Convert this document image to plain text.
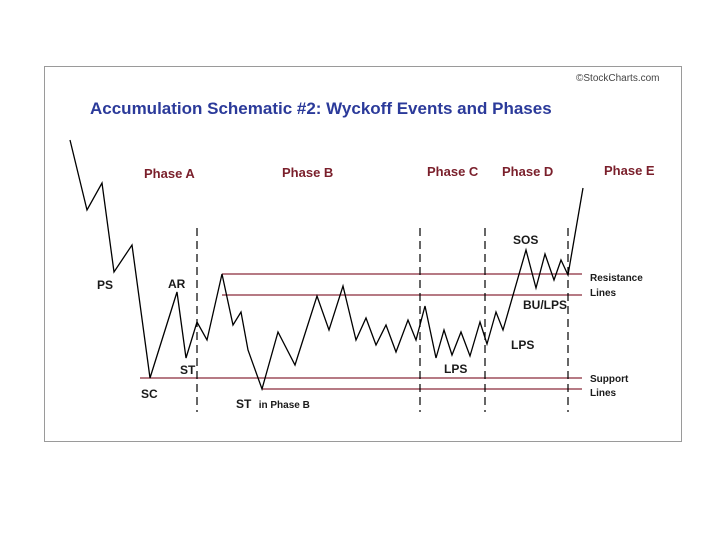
©StockCharts.com
Accumulation Schematic #2: Wyckoff Events and Phases
Phase A	Phase B	Phase C Phase D	Phase E
PS	AR
ST
SC
ST in Phase B
LPS
LPS
SOS
BU/LPS
Resistance
Lines
Support
Lines
